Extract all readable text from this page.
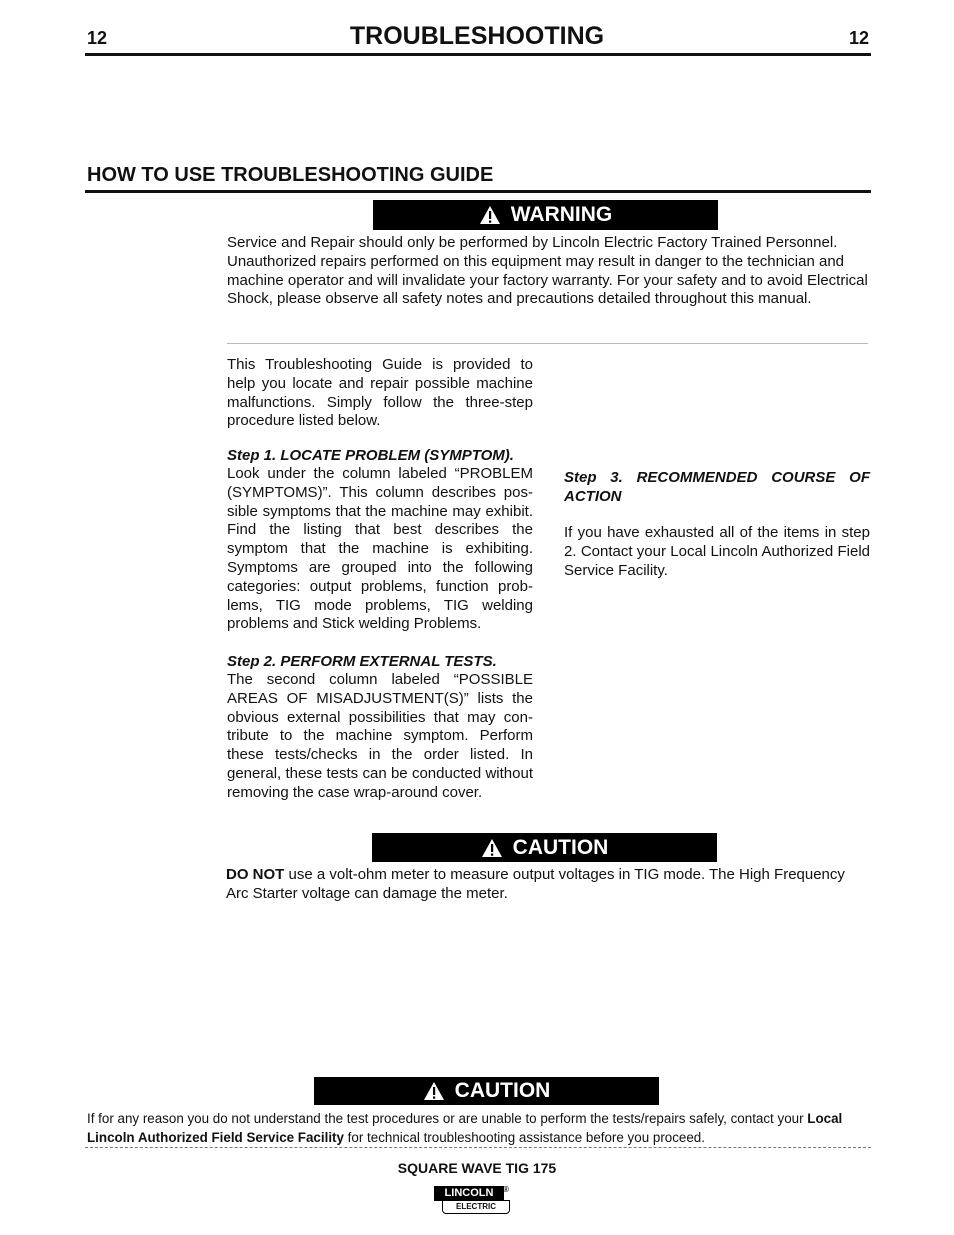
12	TROUBLESHOOTING	12
HOW TO USE TROUBLESHOOTING GUIDE
WARNING
Service and Repair should only be performed by Lincoln Electric Factory Trained Personnel. Unauthorized repairs performed on this equipment may result in danger to the technician and machine operator and will invalidate your factory warranty. For your safety and to avoid Electrical Shock, please observe all safety notes and precautions detailed throughout this manual.
This Troubleshooting Guide is provided to help you locate and repair possible machine malfunctions. Simply follow the three-step procedure listed below.
Step 1. LOCATE PROBLEM (SYMPTOM).
Look under the column labeled “PROBLEM (SYMPTOMS)”. This column describes possible symptoms that the machine may exhibit. Find the listing that best describes the symptom that the machine is exhibiting. Symptoms are grouped into the following categories: output problems, function problems, TIG mode problems, TIG welding problems and Stick welding Problems.
Step 2. PERFORM EXTERNAL TESTS.
The second column labeled “POSSIBLE AREAS OF MISADJUSTMENT(S)” lists the obvious external possibilities that may contribute to the machine symptom. Perform these tests/checks in the order listed. In general, these tests can be conducted without removing the case wrap-around cover.
Step 3. RECOMMENDED COURSE OF ACTION
If you have exhausted all of the items in step 2. Contact your Local Lincoln Authorized Field Service Facility.
CAUTION
DO NOT use a volt-ohm meter to measure output voltages in TIG mode. The High Frequency Arc Starter voltage can damage the meter.
CAUTION
If for any reason you do not understand the test procedures or are unable to perform the tests/repairs safely, contact your Local Lincoln Authorized Field Service Facility for technical troubleshooting assistance before you proceed.
SQUARE WAVE TIG 175
LINCOLN	®
ELECTRIC
